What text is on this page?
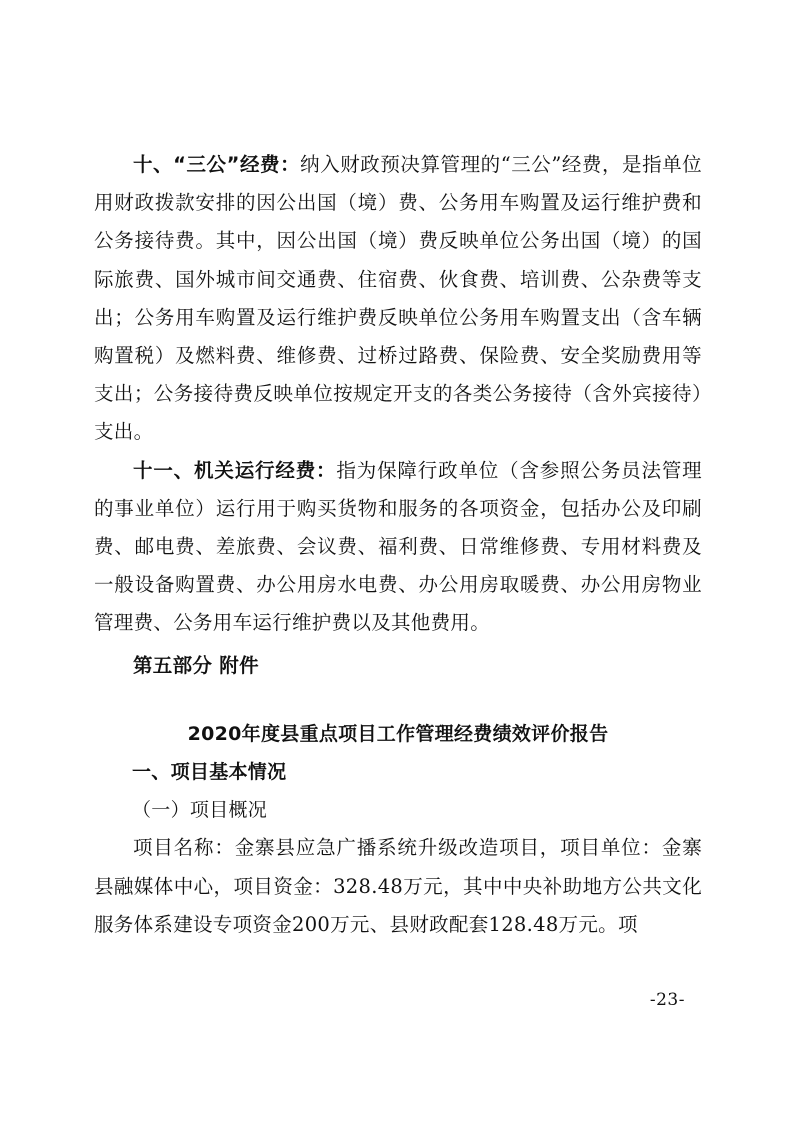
十、“三公”经费：纳入财政预决算管理的“三公”经费，是指单位用财政拨款安排的因公出国（境）费、公务用车购置及运行维护费和公务接待费。其中，因公出国（境）费反映单位公务出国（境）的国际旅费、国外城市间交通费、住宿费、伙食费、培训费、公杂费等支出；公务用车购置及运行维护费反映单位公务用车购置支出（含车辆购置税）及燃料费、维修费、过桥过路费、保险费、安全奖励费用等支出；公务接待费反映单位按规定开支的各类公务接待（含外宾接待）支出。

十一、机关运行经费：指为保障行政单位（含参照公务员法管理的事业单位）运行用于购买货物和服务的各项资金，包括办公及印刷费、邮电费、差旅费、会议费、福利费、日常维修费、专用材料费及一般设备购置费、办公用房水电费、办公用房取暖费、办公用房物业管理费、公务用车运行维护费以及其他费用。

第五部分 附件

2020年度县重点项目工作管理经费绩效评价报告

一、项目基本情况

（一）项目概况

项目名称：金寨县应急广播系统升级改造项目，项目单位：金寨县融媒体中心，项目资金：328.48万元，其中中央补助地方公共文化服务体系建设专项资金200万元、县财政配套128.48万元。项

-23-
